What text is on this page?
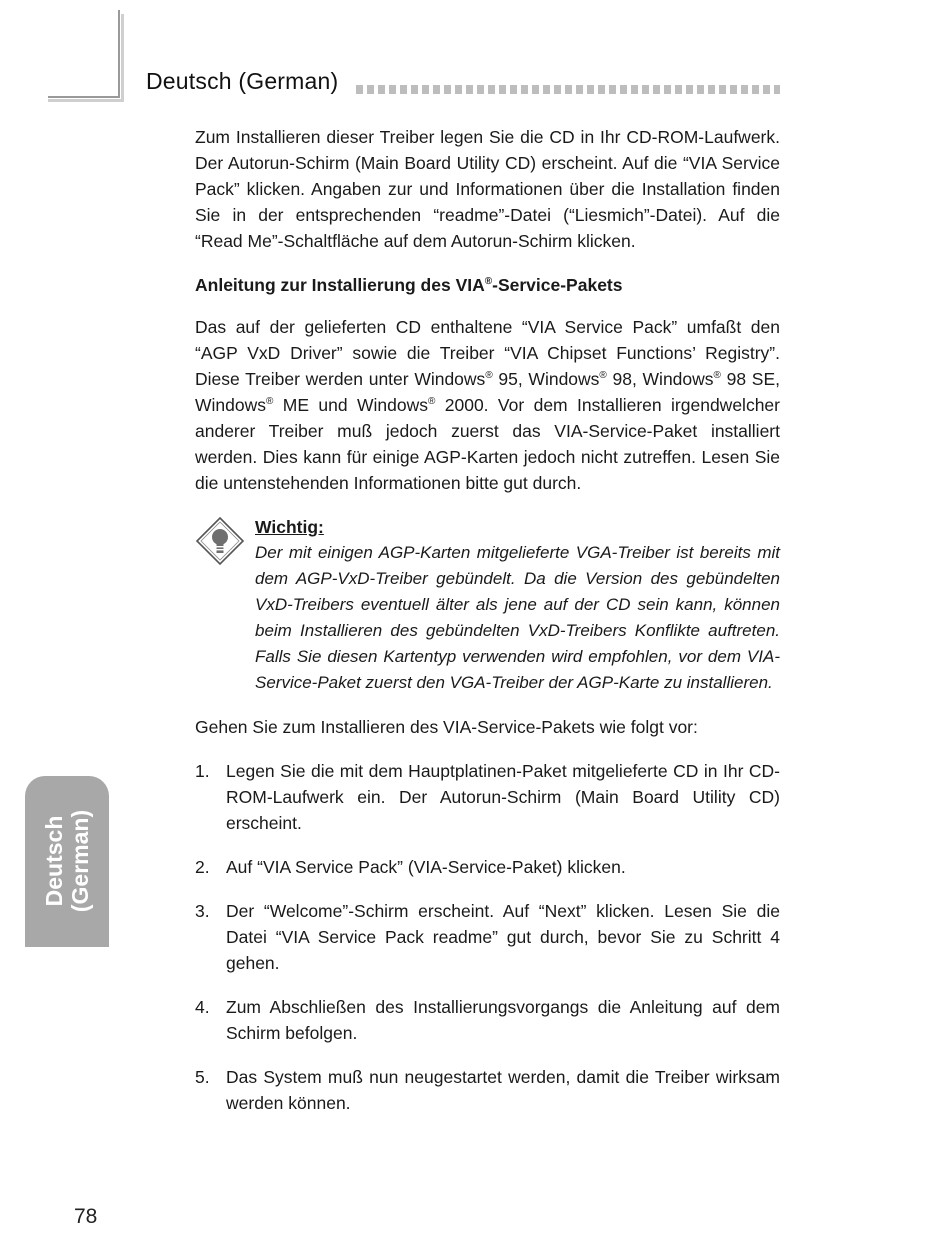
Deutsch (German)

Zum Installieren dieser Treiber legen Sie die CD in Ihr CD-ROM-Laufwerk. Der Autorun-Schirm (Main Board Utility CD) erscheint. Auf die “VIA Service Pack” klicken. Angaben zur und Informationen über die Installation finden Sie in der entsprechenden “readme”-Datei (“Liesmich”-Datei). Auf die “Read Me”-Schaltfläche auf dem Autorun-Schirm klicken.

Anleitung zur Installierung des VIA®-Service-Pakets

Das auf der gelieferten CD enthaltene “VIA Service Pack” umfaßt den “AGP VxD Driver” sowie die Treiber “VIA Chipset Functions’ Registry”. Diese Treiber werden unter Windows® 95, Windows® 98, Windows® 98 SE, Windows® ME und Windows® 2000. Vor dem Installieren irgendwelcher anderer Treiber muß jedoch zuerst das VIA-Service-Paket installiert werden. Dies kann für einige AGP-Karten jedoch nicht zutreffen. Lesen Sie die untenstehenden Informationen bitte gut durch.

Wichtig:

Der mit einigen AGP-Karten mitgelieferte VGA-Treiber ist bereits mit dem AGP-VxD-Treiber gebündelt. Da die Version des gebündelten VxD-Treibers eventuell älter als jene auf der CD sein kann, können beim Installieren des gebündelten VxD-Treibers Konflikte auftreten. Falls Sie diesen Kartentyp verwenden wird empfohlen, vor dem VIA-Service-Paket zuerst den VGA-Treiber der AGP-Karte zu installieren.

Gehen Sie zum Installieren des VIA-Service-Pakets wie folgt vor:

1. Legen Sie die mit dem Hauptplatinen-Paket mitgelieferte CD in Ihr CD-ROM-Laufwerk ein. Der Autorun-Schirm (Main Board Utility CD) erscheint.
2. Auf “VIA Service Pack” (VIA-Service-Paket) klicken.
3. Der “Welcome”-Schirm erscheint. Auf “Next” klicken. Lesen Sie die Datei “VIA Service Pack readme” gut durch, bevor Sie zu Schritt 4 gehen.
4. Zum Abschließen des Installierungsvorgangs die Anleitung auf dem Schirm befolgen.
5. Das System muß nun neugestartet werden, damit die Treiber wirksam werden können.
Deutsch (German)
78
